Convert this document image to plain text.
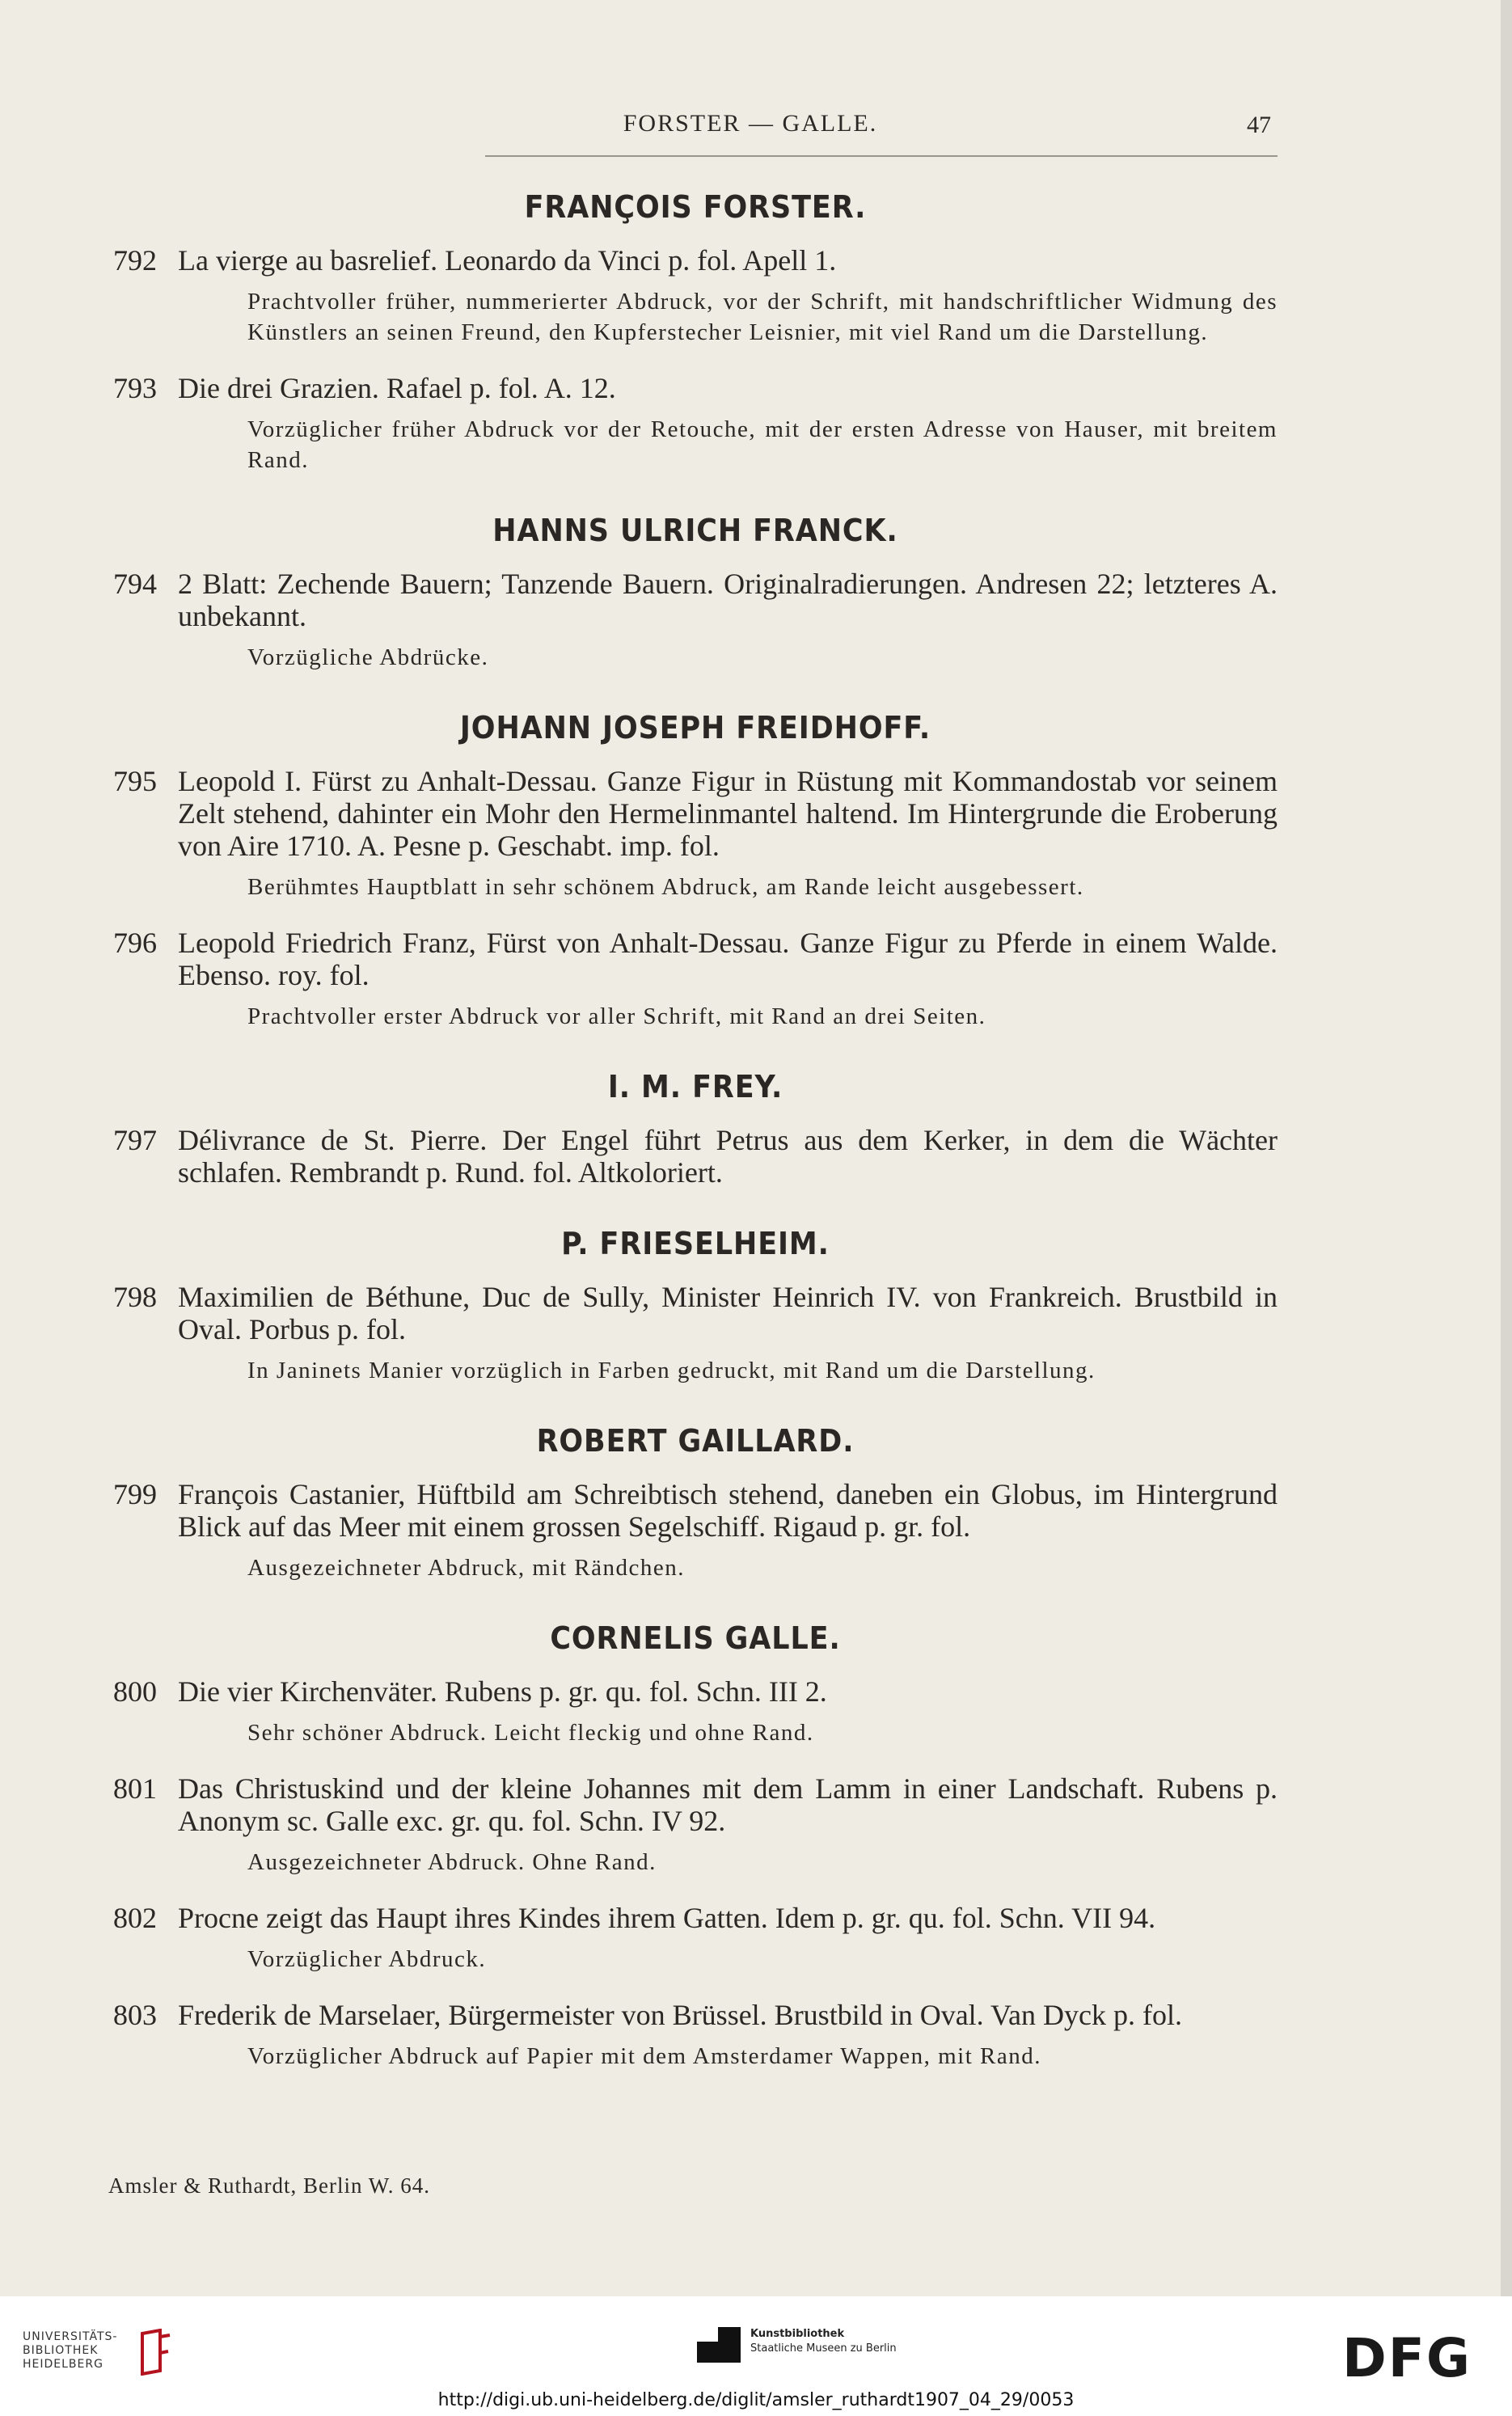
FORSTER — GALLE.	47
FRANÇOIS FORSTER.
792 La vierge au basrelief. Leonardo da Vinci p. fol. Apell 1.
Prachtvoller früher, nummerierter Abdruck, vor der Schrift, mit handschriftlicher Widmung des Künstlers an seinen Freund, den Kupferstecher Leisnier, mit viel Rand um die Darstellung.
793 Die drei Grazien. Rafael p. fol. A. 12.
Vorzüglicher früher Abdruck vor der Retouche, mit der ersten Adresse von Hauser, mit breitem Rand.
HANNS ULRICH FRANCK.
794 2 Blatt: Zechende Bauern; Tanzende Bauern. Originalradierungen. Andresen 22; letzteres A. unbekannt.
Vorzügliche Abdrücke.
JOHANN JOSEPH FREIDHOFF.
795 Leopold I. Fürst zu Anhalt-Dessau. Ganze Figur in Rüstung mit Kommandostab vor seinem Zelt stehend, dahinter ein Mohr den Hermelinmantel haltend. Im Hintergrunde die Eroberung von Aire 1710. A. Pesne p. Geschabt. imp. fol.
Berühmtes Hauptblatt in sehr schönem Abdruck, am Rande leicht ausgebessert.
796 Leopold Friedrich Franz, Fürst von Anhalt-Dessau. Ganze Figur zu Pferde in einem Walde. Ebenso. roy. fol.
Prachtvoller erster Abdruck vor aller Schrift, mit Rand an drei Seiten.
I. M. FREY.
797 Délivrance de St. Pierre. Der Engel führt Petrus aus dem Kerker, in dem die Wächter schlafen. Rembrandt p. Rund. fol. Altkoloriert.
P. FRIESELHEIM.
798 Maximilien de Béthune, Duc de Sully, Minister Heinrich IV. von Frankreich. Brustbild in Oval. Porbus p. fol.
In Janinets Manier vorzüglich in Farben gedruckt, mit Rand um die Darstellung.
ROBERT GAILLARD.
799 François Castanier, Hüftbild am Schreibtisch stehend, daneben ein Globus, im Hintergrund Blick auf das Meer mit einem grossen Segelschiff. Rigaud p. gr. fol.
Ausgezeichneter Abdruck, mit Rändchen.
CORNELIS GALLE.
800 Die vier Kirchenväter. Rubens p. gr. qu. fol. Schn. III 2.
Sehr schöner Abdruck. Leicht fleckig und ohne Rand.
801 Das Christuskind und der kleine Johannes mit dem Lamm in einer Landschaft. Rubens p. Anonym sc. Galle exc. gr. qu. fol. Schn. IV 92.
Ausgezeichneter Abdruck. Ohne Rand.
802 Procne zeigt das Haupt ihres Kindes ihrem Gatten. Idem p. gr. qu. fol. Schn. VII 94.
Vorzüglicher Abdruck.
803 Frederik de Marselaer, Bürgermeister von Brüssel. Brustbild in Oval. Van Dyck p. fol.
Vorzüglicher Abdruck auf Papier mit dem Amsterdamer Wappen, mit Rand.
Amsler & Ruthardt, Berlin W. 64.
UNIVERSITÄTS-
BIBLIOTHEK
HEIDELBERG
Kunstbibliothek
Staatliche Museen zu Berlin	DFG
http://digi.ub.uni-heidelberg.de/diglit/amsler_ruthardt1907_04_29/0053
